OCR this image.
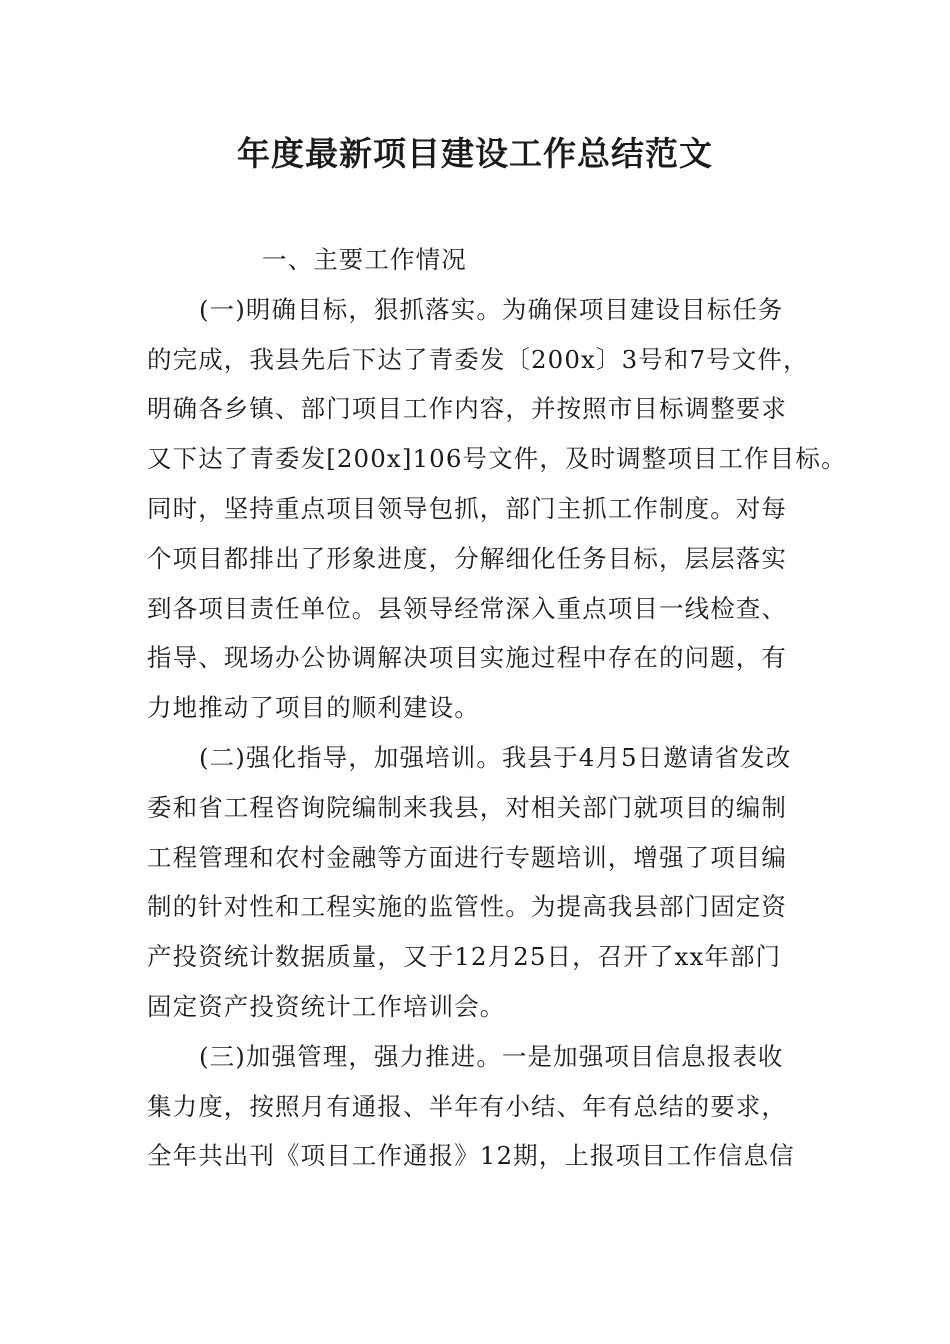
年度最新项目建设工作总结范文
一、主要工作情况
(一)明确目标，狠抓落实。为确保项目建设目标任务
的完成，我县先后下达了青委发〔200x〕3号和7号文件，
明确各乡镇、部门项目工作内容，并按照市目标调整要求
又下达了青委发[200x]106号文件，及时调整项目工作目标。
同时，坚持重点项目领导包抓，部门主抓工作制度。对每
个项目都排出了形象进度，分解细化任务目标，层层落实
到各项目责任单位。县领导经常深入重点项目一线检查、
指导、现场办公协调解决项目实施过程中存在的问题，有
力地推动了项目的顺利建设。
(二)强化指导，加强培训。我县于4月5日邀请省发改
委和省工程咨询院编制来我县，对相关部门就项目的编制
工程管理和农村金融等方面进行专题培训，增强了项目编
制的针对性和工程实施的监管性。为提高我县部门固定资
产投资统计数据质量，又于12月25日，召开了xx年部门
固定资产投资统计工作培训会。
(三)加强管理，强力推进。一是加强项目信息报表收
集力度，按照月有通报、半年有小结、年有总结的要求，
全年共出刊《项目工作通报》12期，上报项目工作信息信
